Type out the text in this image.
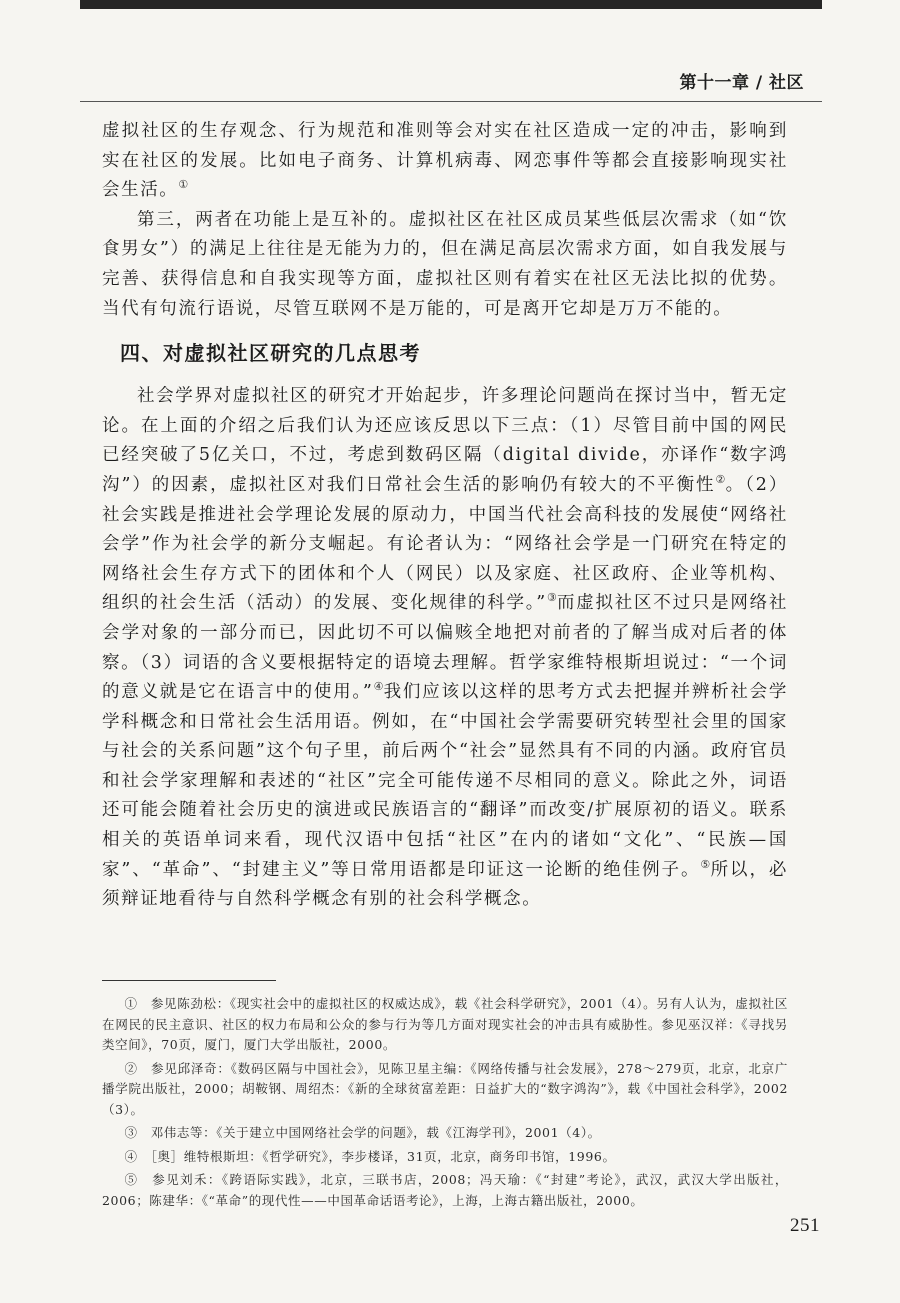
第十一章 / 社区

虚拟社区的生存观念、行为规范和准则等会对实在社区造成一定的冲击，影响到实在社区的发展。比如电子商务、计算机病毒、网恋事件等都会直接影响现实社会生活。①

第三，两者在功能上是互补的。虚拟社区在社区成员某些低层次需求（如“饮食男女”）的满足上往往是无能为力的，但在满足高层次需求方面，如自我发展与完善、获得信息和自我实现等方面，虚拟社区则有着实在社区无法比拟的优势。当代有句流行语说，尽管互联网不是万能的，可是离开它却是万万不能的。

四、对虚拟社区研究的几点思考

社会学界对虚拟社区的研究才开始起步，许多理论问题尚在探讨当中，暂无定论。在上面的介绍之后我们认为还应该反思以下三点：（1）尽管目前中国的网民已经突破了5亿关口，不过，考虑到数码区隔（digital divide，亦译作“数字鸿沟”）的因素，虚拟社区对我们日常社会生活的影响仍有较大的不平衡性②。（2）社会实践是推进社会学理论发展的原动力，中国当代社会高科技的发展使“网络社会学”作为社会学的新分支崛起。有论者认为：“网络社会学是一门研究在特定的网络社会生存方式下的团体和个人（网民）以及家庭、社区政府、企业等机构、组织的社会生活（活动）的发展、变化规律的科学。”③而虚拟社区不过只是网络社会学对象的一部分而已，因此切不可以偏赅全地把对前者的了解当成对后者的体察。（3）词语的含义要根据特定的语境去理解。哲学家维特根斯坦说过：“一个词的意义就是它在语言中的使用。”④我们应该以这样的思考方式去把握并辨析社会学学科概念和日常社会生活用语。例如，在“中国社会学需要研究转型社会里的国家与社会的关系问题”这个句子里，前后两个“社会”显然具有不同的内涵。政府官员和社会学家理解和表述的“社区”完全可能传递不尽相同的意义。除此之外，词语还可能会随着社会历史的演进或民族语言的“翻译”而改变/扩展原初的语义。联系相关的英语单词来看，现代汉语中包括“社区”在内的诸如“文化”、“民族—国家”、“革命”、“封建主义”等日常用语都是印证这一论断的绝佳例子。⑤所以，必须辩证地看待与自然科学概念有别的社会科学概念。

①　参见陈劲松：《现实社会中的虚拟社区的权威达成》，载《社会科学研究》，2001（4）。另有人认为，虚拟社区在网民的民主意识、社区的权力布局和公众的参与行为等几方面对现实社会的冲击具有威胁性。参见巫汉祥：《寻找另类空间》，70页，厦门，厦门大学出版社，2000。

②　参见邱泽奇：《数码区隔与中国社会》，见陈卫星主编：《网络传播与社会发展》，278～279页，北京，北京广播学院出版社，2000；胡鞍钢、周绍杰：《新的全球贫富差距：日益扩大的“数字鸿沟”》，载《中国社会科学》，2002（3）。

③　邓伟志等：《关于建立中国网络社会学的问题》，载《江海学刊》，2001（4）。

④　［奥］维特根斯坦：《哲学研究》，李步楼译，31页，北京，商务印书馆，1996。

⑤　参见刘禾：《跨语际实践》，北京，三联书店，2008；冯天瑜：《“封建”考论》，武汉，武汉大学出版社，2006；陈建华：《“革命”的现代性——中国革命话语考论》，上海，上海古籍出版社，2000。

251
